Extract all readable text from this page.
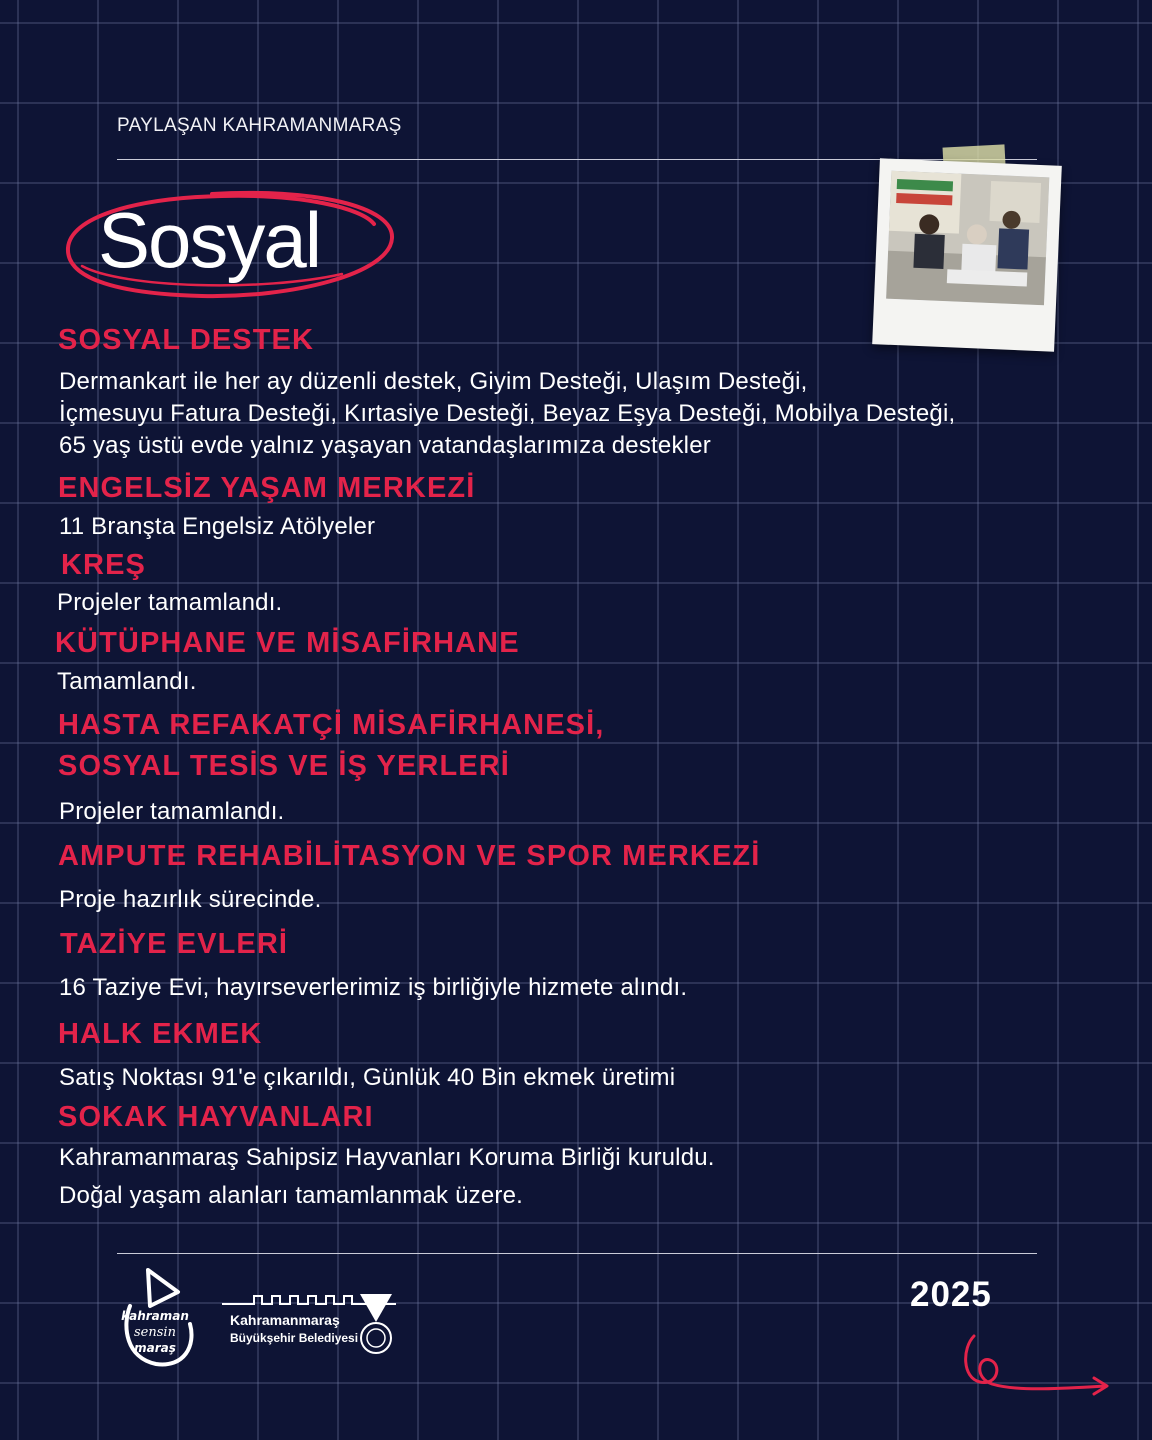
PAYLAŞAN KAHRAMANMARAŞ
Sosyal
SOSYAL DESTEK
Dermankart ile her ay düzenli destek, Giyim Desteği, Ulaşım Desteği,
İçmesuyu Fatura Desteği, Kırtasiye Desteği, Beyaz Eşya Desteği, Mobilya Desteği,
65 yaş üstü evde yalnız yaşayan vatandaşlarımıza destekler
ENGELSİZ YAŞAM MERKEZİ
11 Branşta Engelsiz Atölyeler
KREŞ
Projeler tamamlandı.
KÜTÜPHANE VE MİSAFİRHANE
Tamamlandı.
HASTA REFAKATÇİ MİSAFİRHANESİ,
SOSYAL TESİS VE İŞ YERLERİ
Projeler tamamlandı.
AMPUTE REHABİLİTASYON VE SPOR MERKEZİ
Proje hazırlık sürecinde.
TAZİYE EVLERİ
16 Taziye Evi, hayırseverlerimiz iş birliğiyle hizmete alındı.
HALK EKMEK
Satış Noktası 91'e çıkarıldı, Günlük 40 Bin ekmek üretimi
SOKAK HAYVANLARI
Kahramanmaraş Sahipsiz Hayvanları Koruma Birliği kuruldu.
Doğal yaşam alanları tamamlanmak üzere.
kahraman
sensin
maraş
Kahramanmaraş
Büyükşehir Belediyesi
2025
